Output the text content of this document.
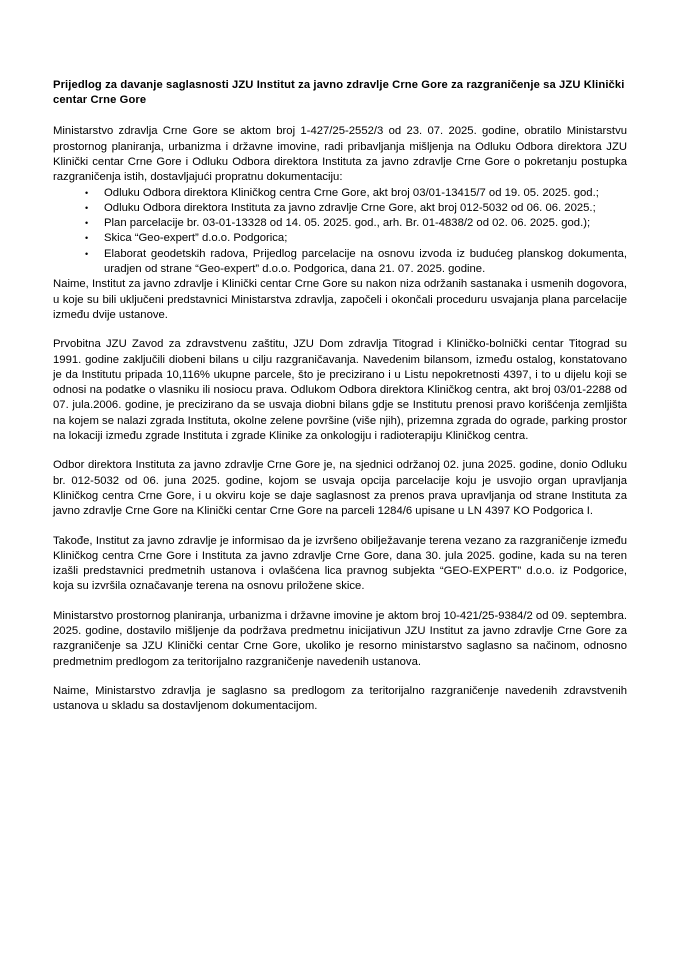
Prijedlog za davanje saglasnosti JZU Institut za javno zdravlje Crne Gore za razgraničenje sa JZU Klinički centar Crne Gore

Ministarstvo zdravlja Crne Gore se aktom broj 1-427/25-2552/3 od 23. 07. 2025. godine, obratilo Ministarstvu prostornog planiranja, urbanizma i državne imovine, radi pribavljanja mišljenja na Odluku Odbora direktora JZU Klinički centar Crne Gore i Odluku Odbora direktora Instituta za javno zdravlje Crne Gore o pokretanju postupka razgraničenja istih, dostavljajući propratnu dokumentaciju:

•	Odluku Odbora direktora Kliničkog centra Crne Gore, akt broj 03/01-13415/7 od 19. 05. 2025. god.;
•	Odluku Odbora direktora Instituta za javno zdravlje Crne Gore, akt broj 012-5032 od 06. 06. 2025.;
•	Plan parcelacije br. 03-01-13328 od 14. 05. 2025. god., arh. Br. 01-4838/2 od 02. 06. 2025. god.);
•	Skica “Geo-expert” d.o.o. Podgorica;
•	Elaborat geodetskih radova, Prijedlog parcelacije na osnovu izvoda iz budućeg planskog dokumenta, uradjen od strane “Geo-expert” d.o.o. Podgorica, dana 21. 07. 2025. godine.

Naime, Institut za javno zdravlje i Klinički centar Crne Gore su nakon niza održanih sastanaka i usmenih dogovora, u koje su bili uključeni predstavnici Ministarstva zdravlja, započeli i okončali proceduru usvajanja plana parcelacije između dvije ustanove.

Prvobitna JZU Zavod za zdravstvenu zaštitu, JZU Dom zdravlja Titograd i Kliničko-bolnički centar Titograd su 1991. godine zaključili diobeni bilans u cilju razgraničavanja. Navedenim bilansom, između ostalog, konstatovano je da Institutu pripada 10,116% ukupne parcele, što je precizirano i u Listu nepokretnosti 4397, i to u dijelu koji se odnosi na podatke o vlasniku ili nosiocu prava. Odlukom Odbora direktora Kliničkog centra, akt broj 03/01-2288 od 07. jula.2006. godine, je precizirano da se usvaja diobni bilans gdje se Institutu prenosi pravo korišćenja zemljišta na kojem se nalazi zgrada Instituta, okolne zelene površine (više njih), prizemna zgrada do ograde, parking prostor na lokaciji između zgrade Instituta i zgrade Klinike za onkologiju i radioterapiju Kliničkog centra.

Odbor direktora Instituta za javno zdravlje Crne Gore je, na sjednici održanoj 02. juna 2025. godine, donio Odluku br. 012-5032 od 06. juna 2025. godine, kojom se usvaja opcija parcelacije koju je usvojio organ upravljanja Kliničkog centra Crne Gore, i u okviru koje se daje saglasnost za prenos prava upravljanja od strane Instituta za javno zdravlje Crne Gore na Klinički centar Crne Gore na parceli 1284/6 upisane u LN 4397 KO Podgorica I.

Takođe, Institut za javno zdravlje je informisao da je izvršeno obilježavanje terena vezano za razgraničenje između Kliničkog centra Crne Gore i Instituta za javno zdravlje Crne Gore, dana 30. jula 2025. godine, kada su na teren izašli predstavnici predmetnih ustanova i ovlašćena lica pravnog subjekta “GEO-EXPERT” d.o.o. iz Podgorice, koja su izvršila označavanje terena na osnovu priložene skice.

Ministarstvo prostornog planiranja, urbanizma i državne imovine je aktom broj 10-421/25-9384/2 od 09. septembra. 2025. godine, dostavilo mišljenje da podržava predmetnu inicijativun JZU Institut za javno zdravlje Crne Gore za razgraničenje sa JZU Klinički centar Crne Gore, ukoliko je resorno ministarstvo saglasno sa načinom, odnosno predmetnim predlogom za teritorijalno razgraničenje navedenih ustanova.

Naime, Ministarstvo zdravlja je saglasno sa predlogom za teritorijalno razgraničenje navedenih zdravstvenih ustanova u skladu sa dostavljenom dokumentacijom.
